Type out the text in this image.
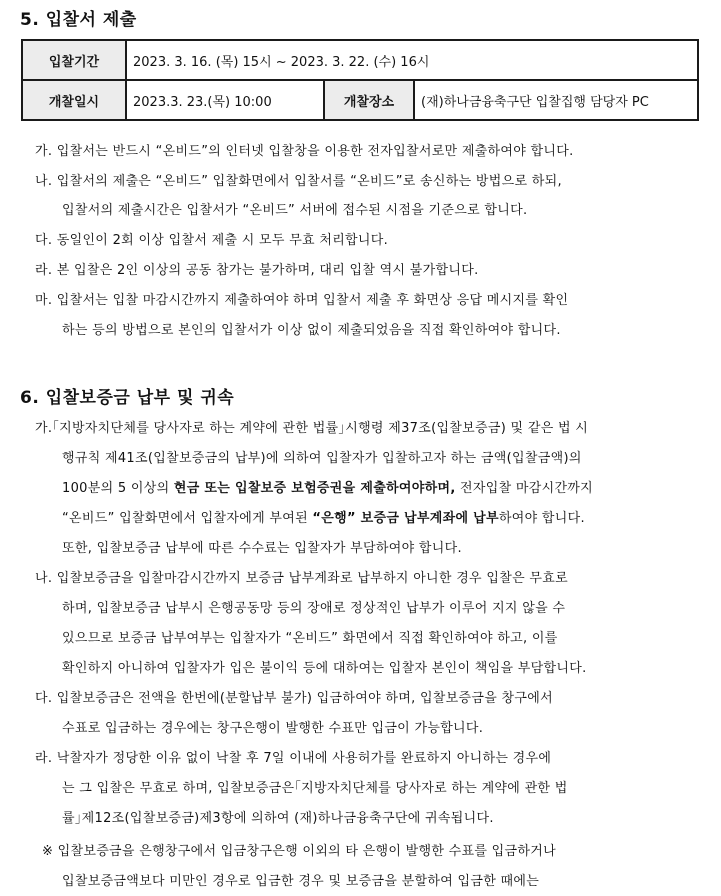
5. 입찰서 제출
입찰기간	2023. 3. 16. (목) 15시 ~ 2023. 3. 22. (수) 16시		
개찰일시	2023.3. 23.(목) 10:00	개찰장소	(재)하나금융축구단 입찰집행 담당자 PC
가. 입찰서는 반드시 “온비드”의 인터넷 입찰창을 이용한 전자입찰서로만 제출하여야 합니다.
나. 입찰서의 제출은 “온비드” 입찰화면에서 입찰서를 “온비드”로 송신하는 방법으로 하되,
입찰서의 제출시간은 입찰서가 “온비드” 서버에 접수된 시점을 기준으로 합니다.
다. 동일인이 2회 이상 입찰서 제출 시 모두 무효 처리합니다.
라. 본 입찰은 2인 이상의 공동 참가는 불가하며, 대리 입찰 역시 불가합니다.
마. 입찰서는 입찰 마감시간까지 제출하여야 하며 입찰서 제출 후 화면상 응답 메시지를 확인
하는 등의 방법으로 본인의 입찰서가 이상 없이 제출되었음을 직접 확인하여야 합니다.
6. 입찰보증금 납부 및 귀속
가.｢지방자치단체를 당사자로 하는 계약에 관한 법률｣시행령 제37조(입찰보증금) 및 같은 법 시
행규칙 제41조(입찰보증금의 납부)에 의하여 입찰자가 입찰하고자 하는 금액(입찰금액)의
100분의 5 이상의 현금 또는 입찰보증 보험증권을 제출하여야하며, 전자입찰 마감시간까지
“온비드” 입찰화면에서 입찰자에게 부여된 “은행” 보증금 납부계좌에 납부하여야 합니다.
또한, 입찰보증금 납부에 따른 수수료는 입찰자가 부담하여야 합니다.
나. 입찰보증금을 입찰마감시간까지 보증금 납부계좌로 납부하지 아니한 경우 입찰은 무효로
하며, 입찰보증금 납부시 은행공동망 등의 장애로 정상적인 납부가 이루어 지지 않을 수
있으므로 보증금 납부여부는 입찰자가 “온비드” 화면에서 직접 확인하여야 하고, 이를
확인하지 아니하여 입찰자가 입은 불이익 등에 대하여는 입찰자 본인이 책임을 부담합니다.
다. 입찰보증금은 전액을 한번에(분할납부 불가) 입금하여야 하며, 입찰보증금을 창구에서
수표로 입금하는 경우에는 창구은행이 발행한 수표만 입금이 가능합니다.
라. 낙찰자가 정당한 이유 없이 낙찰 후 7일 이내에 사용허가를 완료하지 아니하는 경우에
는 그 입찰은 무효로 하며, 입찰보증금은｢지방자치단체를 당사자로 하는 계약에 관한 법
률｣제12조(입찰보증금)제3항에 의하여 (재)하나금융축구단에 귀속됩니다.
※ 입찰보증금을 은행창구에서 입금창구은행 이외의 타 은행이 발행한 수표를 입금하거나
입찰보증금액보다 미만인 경우로 입금한 경우 및 보증금을 분할하여 입금한 때에는
